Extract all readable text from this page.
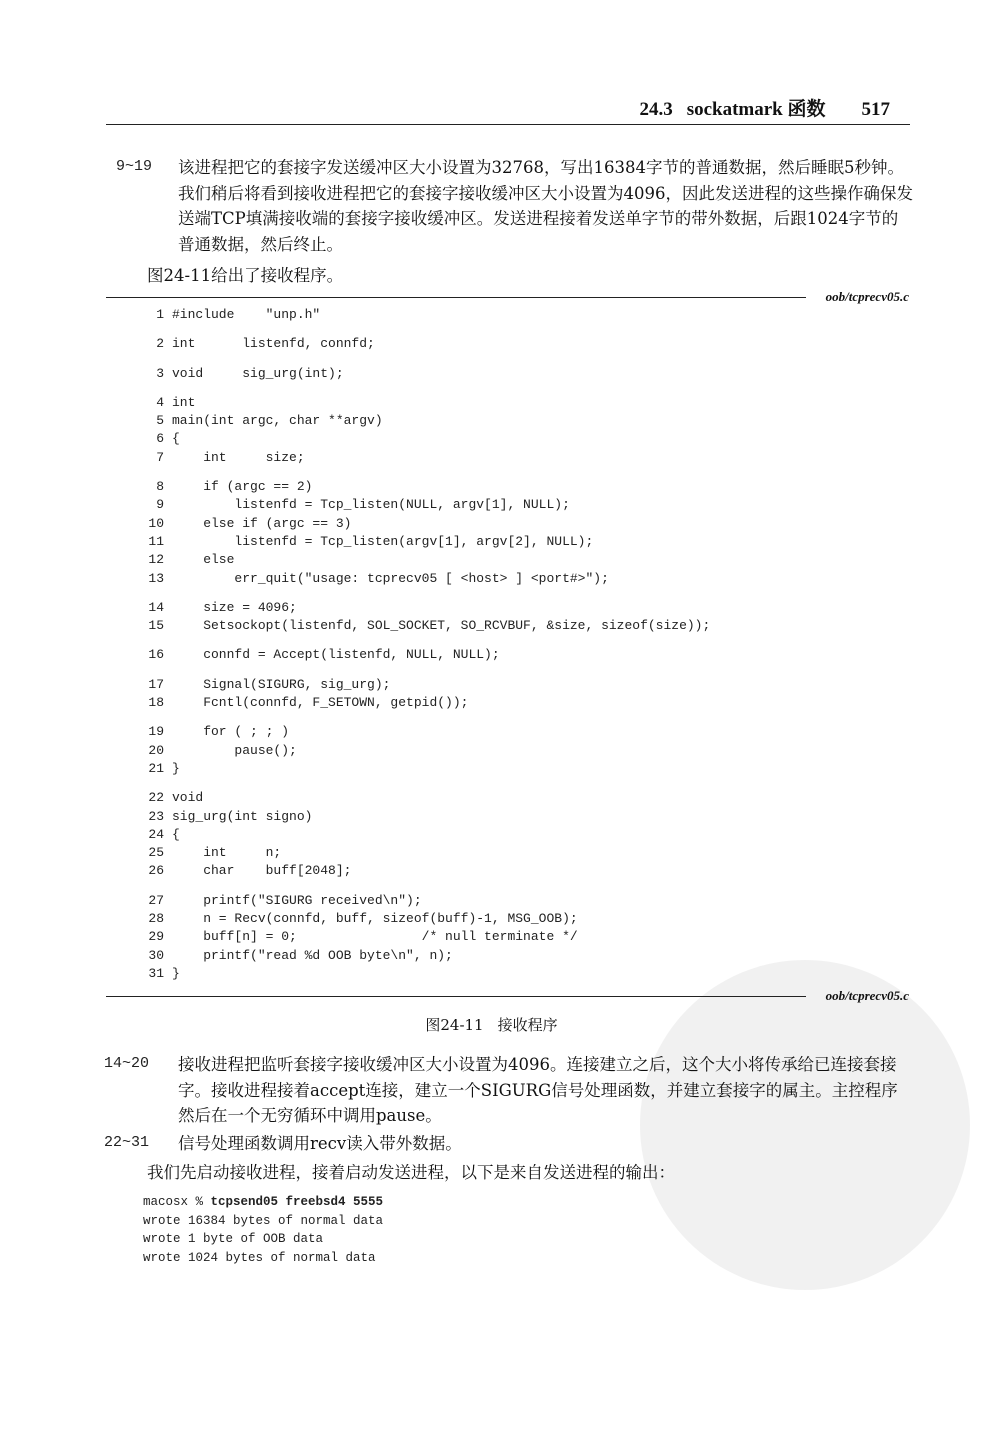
24.3 sockatmark 函数 517
9~19 该进程把它的套接字发送缓冲区大小设置为32768，写出16384字节的普通数据，然后睡眠5秒钟。我们稍后将看到接收进程把它的套接字接收缓冲区大小设置为4096，因此发送进程的这些操作确保发送端TCP填满接收端的套接字接收缓冲区。发送进程接着发送单字节的带外数据，后跟1024字节的普通数据，然后终止。
图24-11给出了接收程序。
oob/tcprecv05.c
1 #include    "unp.h"
2 int      listenfd, connfd;
3 void     sig_urg(int);
4 int
5 main(int argc, char **argv)
6 {
7    int     size;
8    if (argc == 2)
9        listenfd = Tcp_listen(NULL, argv[1], NULL);
10    else if (argc == 3)
11        listenfd = Tcp_listen(argv[1], argv[2], NULL);
12    else
13        err_quit("usage: tcprecv05 [ <host> ] <port#>");
14    size = 4096;
15    Setsockopt(listenfd, SOL_SOCKET, SO_RCVBUF, &size, sizeof(size));
16    connfd = Accept(listenfd, NULL, NULL);
17    Signal(SIGURG, sig_urg);
18    Fcntl(connfd, F_SETOWN, getpid());
19    for ( ; ; )
20        pause();
21 }
22 void
23 sig_urg(int signo)
24 {
25    int     n;
26    char    buff[2048];
27    printf("SIGURG received\n");
28    n = Recv(connfd, buff, sizeof(buff)-1, MSG_OOB);
29    buff[n] = 0;                /* null terminate */
30    printf("read %d OOB byte\n", n);
31 }
oob/tcprecv05.c
图24-11 接收程序
14~20 接收进程把监听套接字接收缓冲区大小设置为4096。连接建立之后，这个大小将传承给已连接套接字。接收进程接着accept连接，建立一个SIGURG信号处理函数，并建立套接字的属主。主控程序然后在一个无穷循环中调用pause。
22~31 信号处理函数调用recv读入带外数据。
我们先启动接收进程，接着启动发送进程，以下是来自发送进程的输出：
macosx % tcpsend05 freebsd4 5555
wrote 16384 bytes of normal data
wrote 1 byte of OOB data
wrote 1024 bytes of normal data
